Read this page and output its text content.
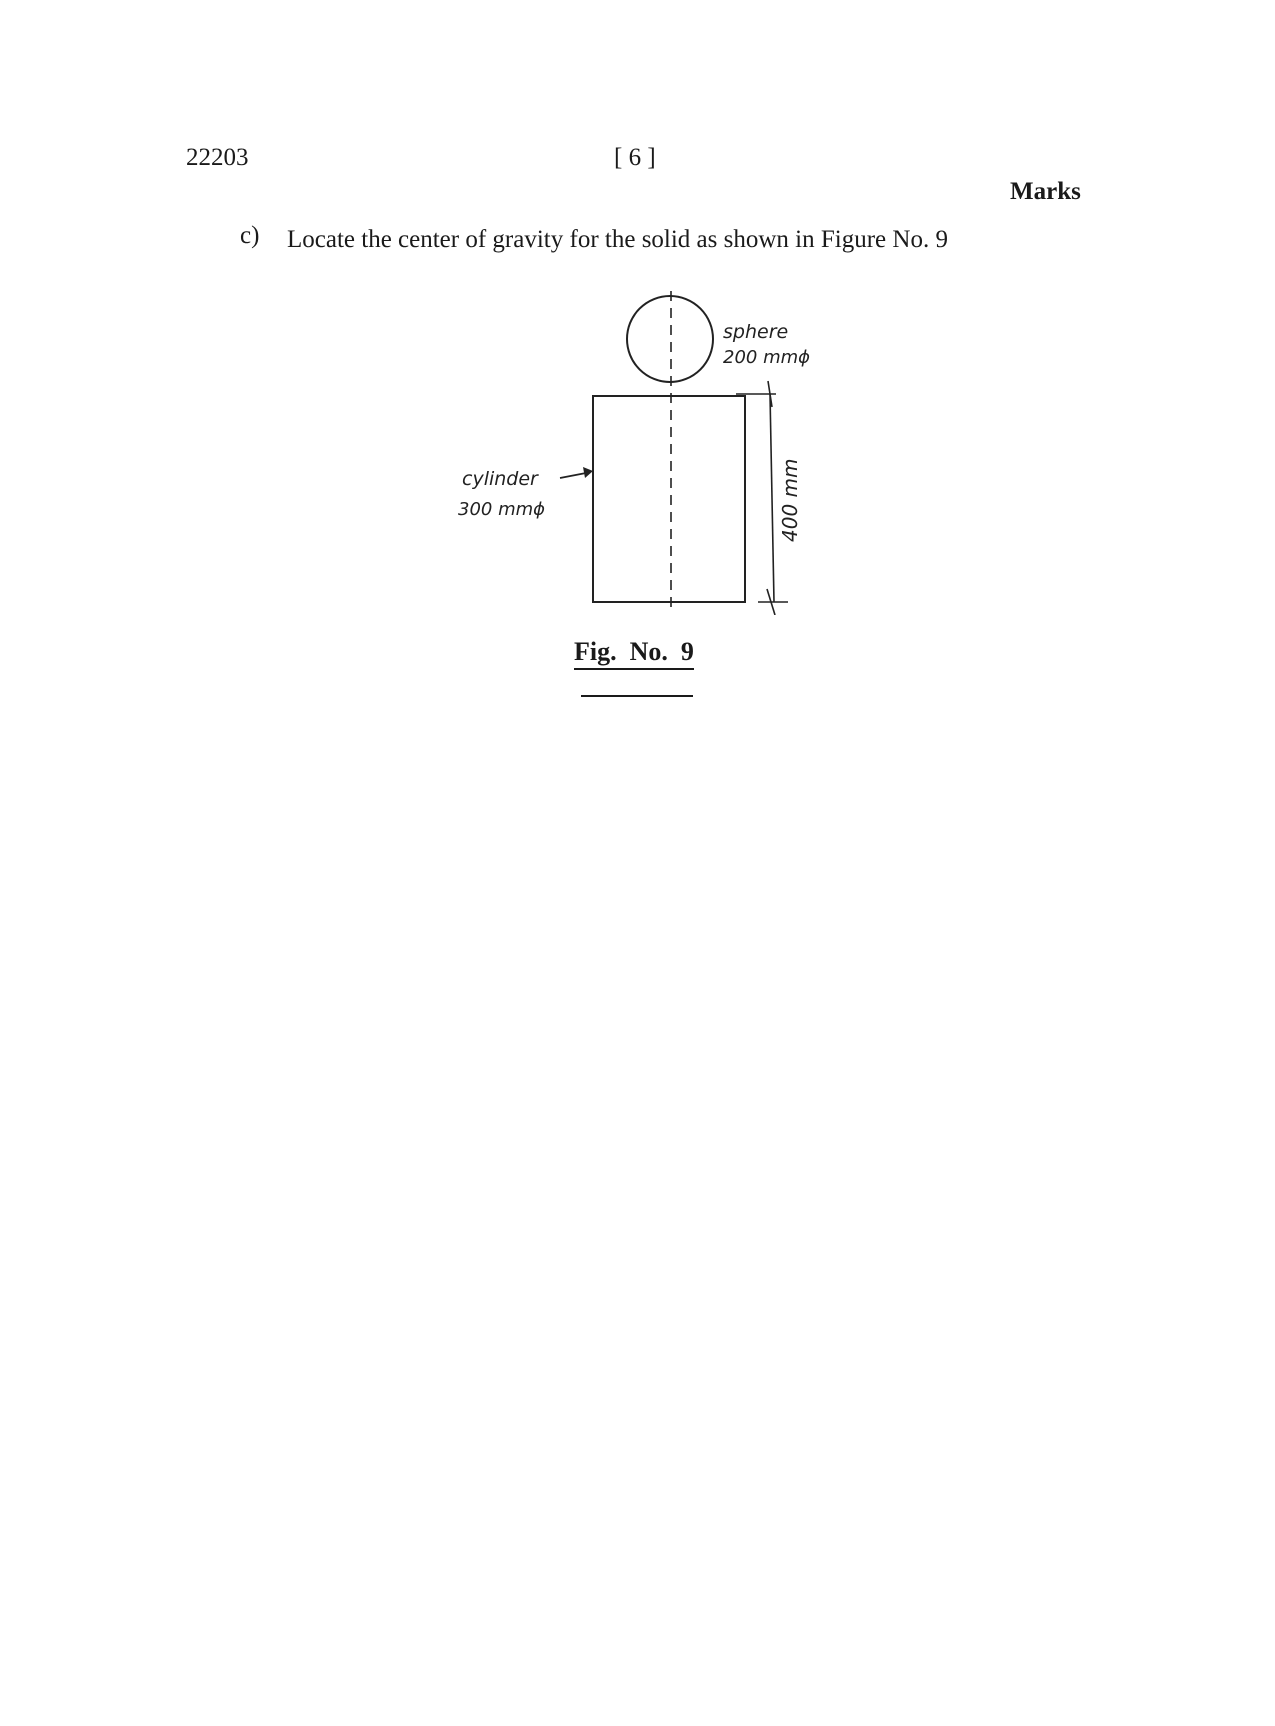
22203	[ 6 ]
Marks
c) Locate the center of gravity for the solid as shown in Figure No. 9
sphere
200 mmϕ
cylinder
300 mmϕ	400 mm
Fig.  No.  9
